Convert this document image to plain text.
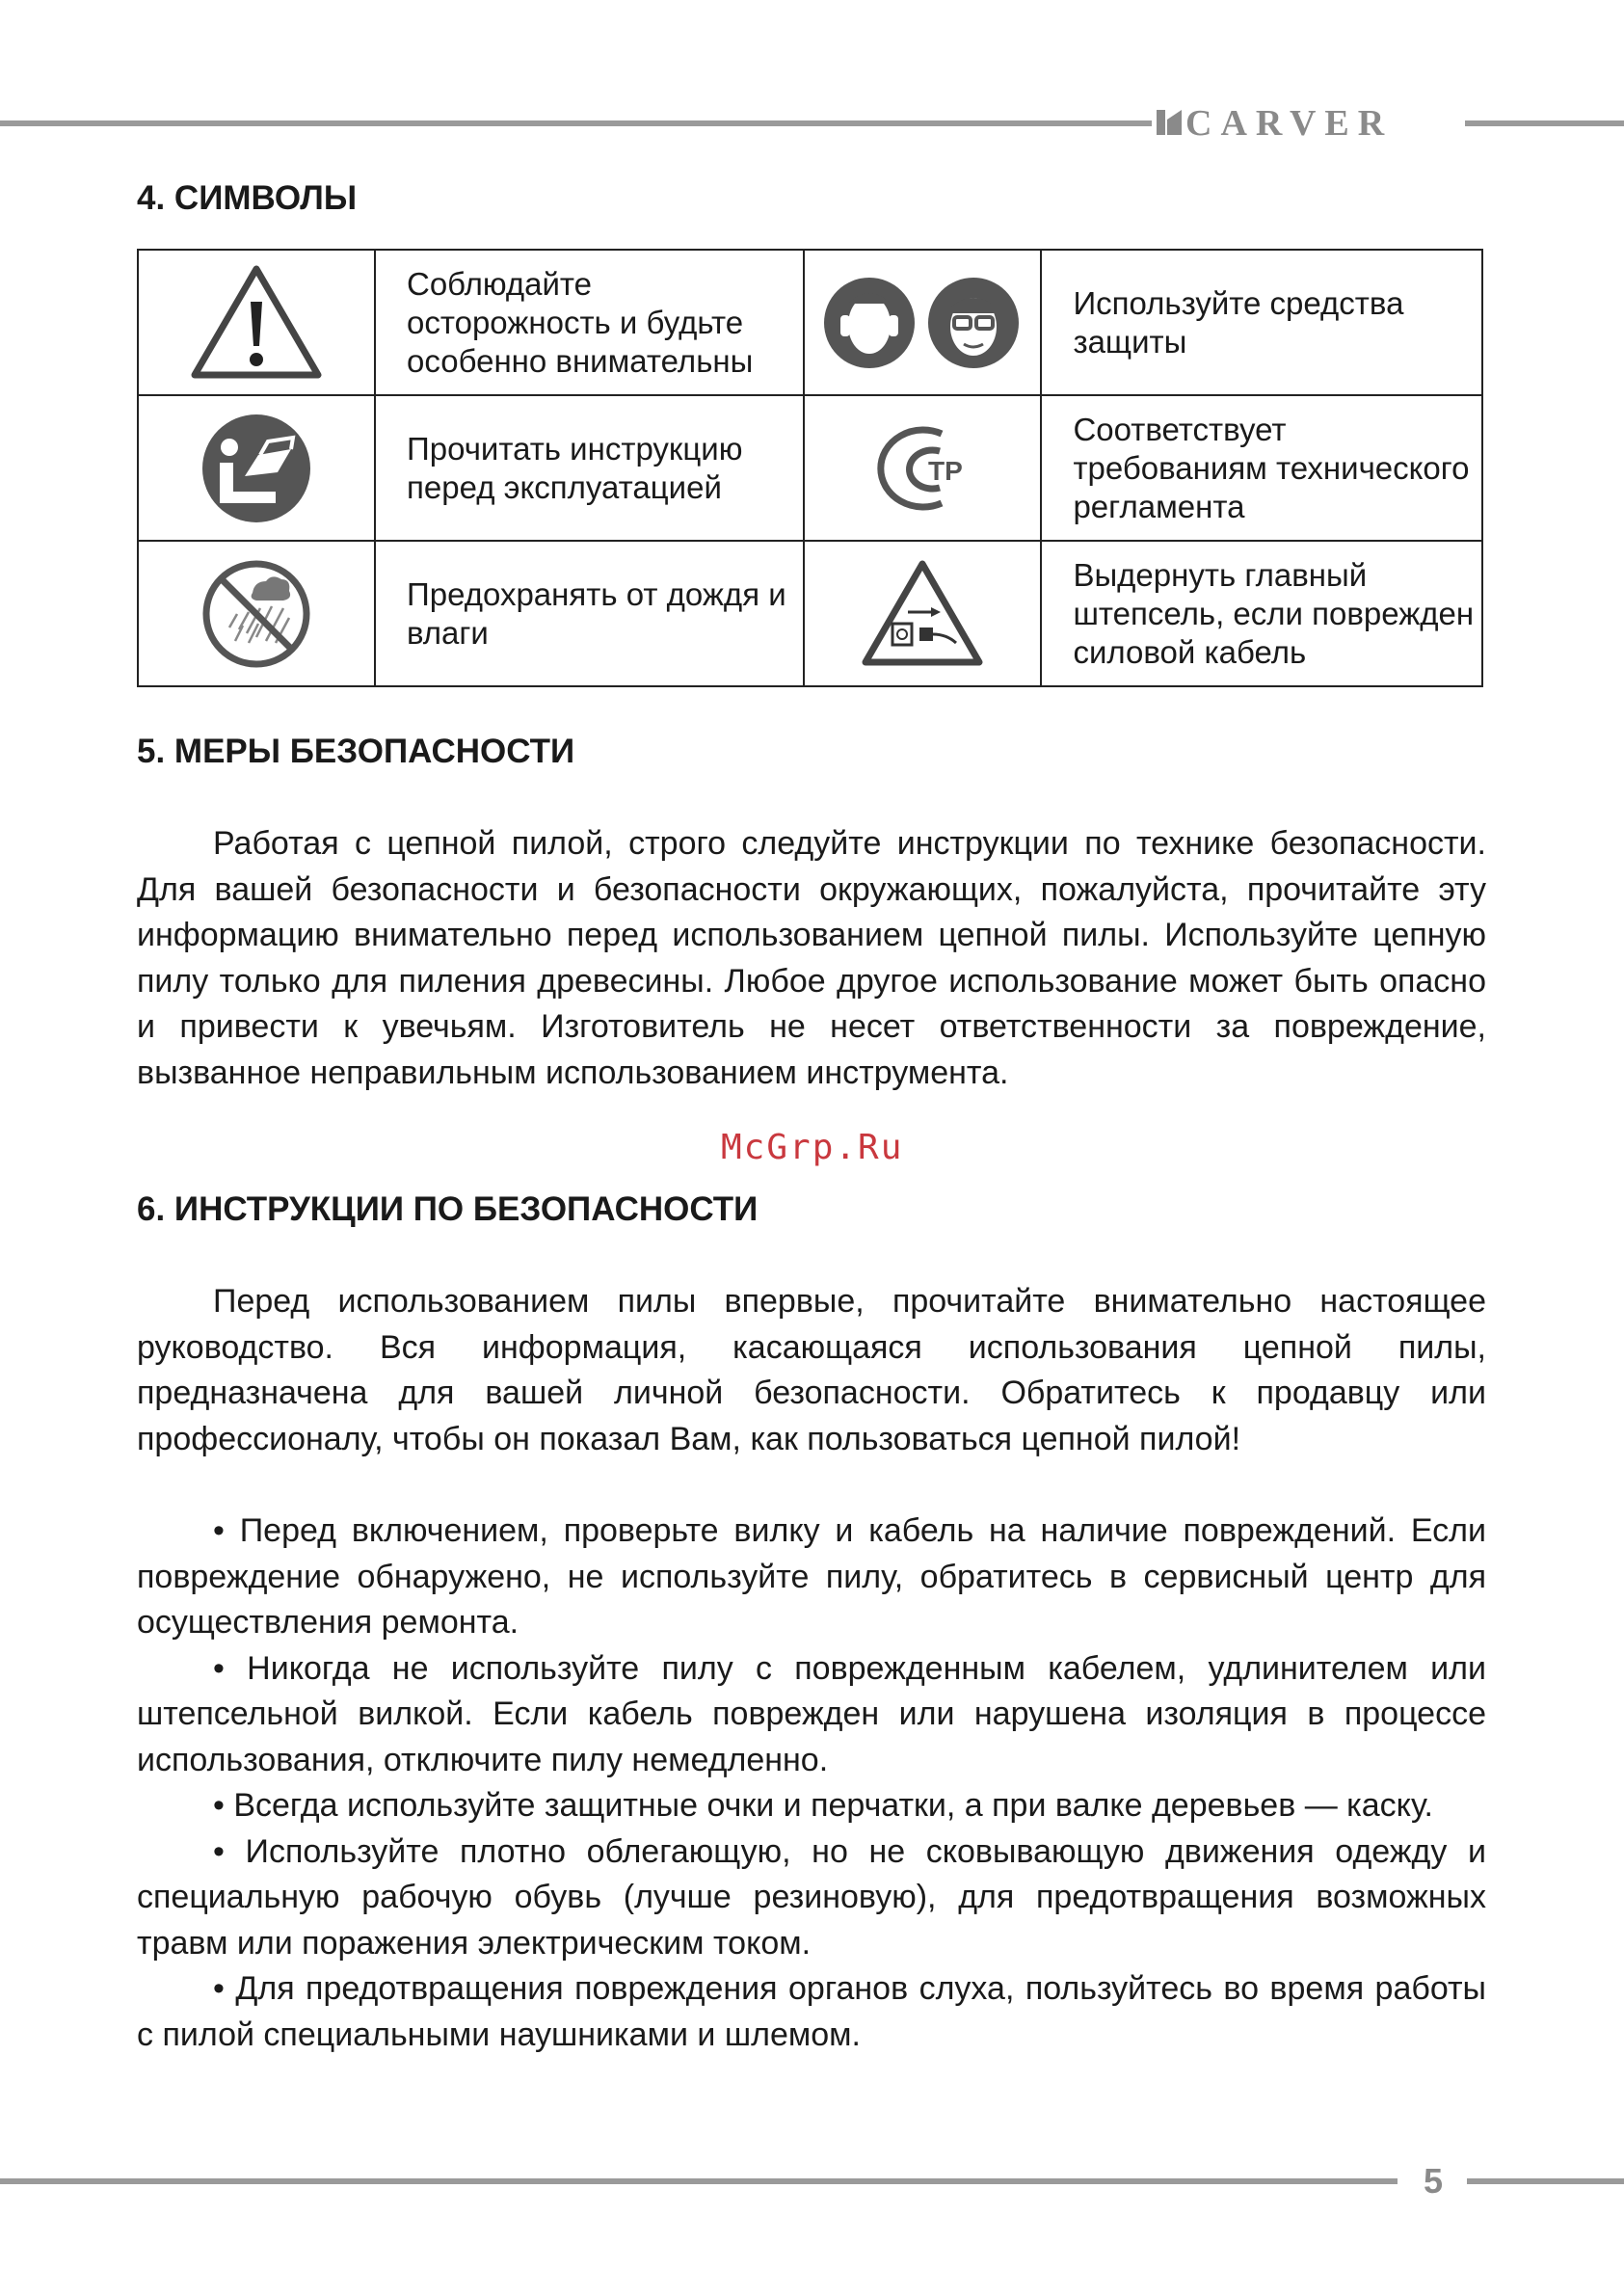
CARVER
4. СИМВОЛЫ
	Соблюдайте осторожность и будьте особенно внимательны		Используйте средства защиты

	Прочитать инструкцию перед эксплуатацией	ТР	Соответствует требованиям технического регламента

	Предохранять от дождя и влаги		Выдернуть главный штепсель, если поврежден силовой кабель
5. МЕРЫ БЕЗОПАСНОСТИ

Работая с цепной пилой, строго следуйте инструкции по технике безопасности. Для вашей безопасности и безопасности окружающих, пожалуйста, прочитайте эту информацию внимательно перед использованием цепной пилы. Используйте цепную пилу только для пиления древесины. Любое другое использование может быть опасно и привести к увечьям. Изготовитель не несет ответственности за повреждение, вызванное неправильным использованием инструмента.

McGrp.Ru
6. ИНСТРУКЦИИ ПО БЕЗОПАСНОСТИ

Перед использованием пилы впервые, прочитайте внимательно настоящее руководство. Вся информация, касающаяся использования цепной пилы, предназначена для вашей личной безопасности. Обратитесь к продавцу или профессионалу, чтобы он показал Вам, как пользоваться цепной пилой!

• Перед включением, проверьте вилку и кабель на наличие повреждений. Если повреждение обнаружено, не используйте пилу, обратитесь в сервисный центр для осуществления ремонта.

• Никогда не используйте пилу с поврежденным кабелем, удлинителем или штепсельной вилкой. Если кабель поврежден или нарушена изоляция в процессе использования, отключите пилу немедленно.

• Всегда используйте защитные очки и перчатки, а при валке деревьев — каску.

• Используйте плотно облегающую, но не сковывающую движения одежду и специальную рабочую обувь (лучше резиновую), для предотвращения возможных травм или поражения электрическим током.

• Для предотвращения повреждения органов слуха, пользуйтесь во время работы с пилой специальными наушниками и шлемом.

5
